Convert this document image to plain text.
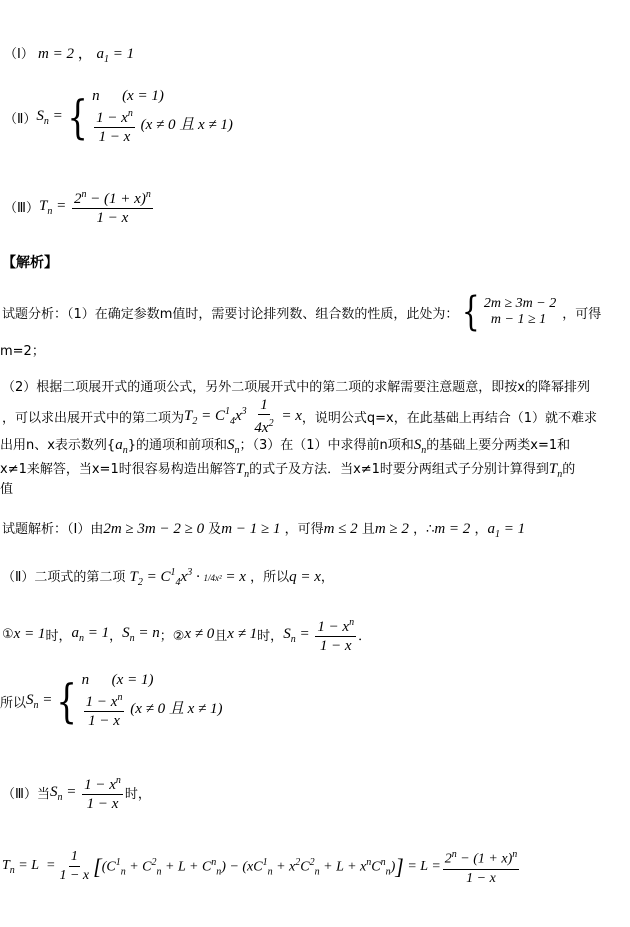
（Ⅰ） m = 2 ， $a_1 = 1$
（Ⅱ） $S_n$ = { n      (x = 1)
$\frac{1 - x^n}{1 - x} (x \ne 0$ 且 x ≠ 1)
（Ⅲ） $T_n = \frac{2^n - (1 + x)^n}{1 - x}$
【解析】
试题分析：（1）在确定参数m值时，需要讨论排列数、组合数的性质，此处为： { 2m ≥ 3m − 2
m − 1 ≥ 1	，可得
m=2；
（2）根据二项展开式的通项公式，另外二项展开式中的第二项的求解需要注意题意，即按x的降幂排列
，可以求出展开式中的第二项为 $T_2 = C^1_4x^3 \frac{1}{4x^2} = x$ ，说明公式q=x，在此基础上再结合（1）就不难求
出用n、x表示数列$\{a_n\}$的通项和前项和$S_n$；（3）在（1）中求得前n项和$S_n$的基础上要分两类x=1和
x≠1来解答，当x=1时很容易构造出解答$T_n$的式子及方法．当x≠1时要分两组式子分别计算得到$T_n$的
值
试题解析：（Ⅰ）由2m ≥ 3m − 2 ≥ 0 及m − 1 ≥ 1 ，可得m ≤ 2 且m ≥ 2 ，∴m = 2 ，$a_1 = 1$
（Ⅱ）二项式的第二项 $T_2 = C^1_4x^3 \cdot 1/4x^2 = x$ ，所以q = x，
① x = 1 时， $a_n = 1$ ， $S_n = n$ ；② x ≠ 0 且 x ≠ 1 时， $S_n = \frac{1 - x^n}{1 - x}$ ．
所以 $S_n$ = { n      (x = 1)
$\frac{1 - x^n}{1 - x} (x \ne 0$ 且 x ≠ 1)
（Ⅲ）当 $S_n = \frac{1 - x^n}{1 - x}$ 时，
$T_n = L = \frac{1}{1 - x}$ [ $(C^1_n + C^2_n + L + C^n_n) - (xC^1_n + x^2C^2_n + L + x^nC^n_n)$ ] = $L = \frac{2^n - (1 + x)^n}{1 - x}$
